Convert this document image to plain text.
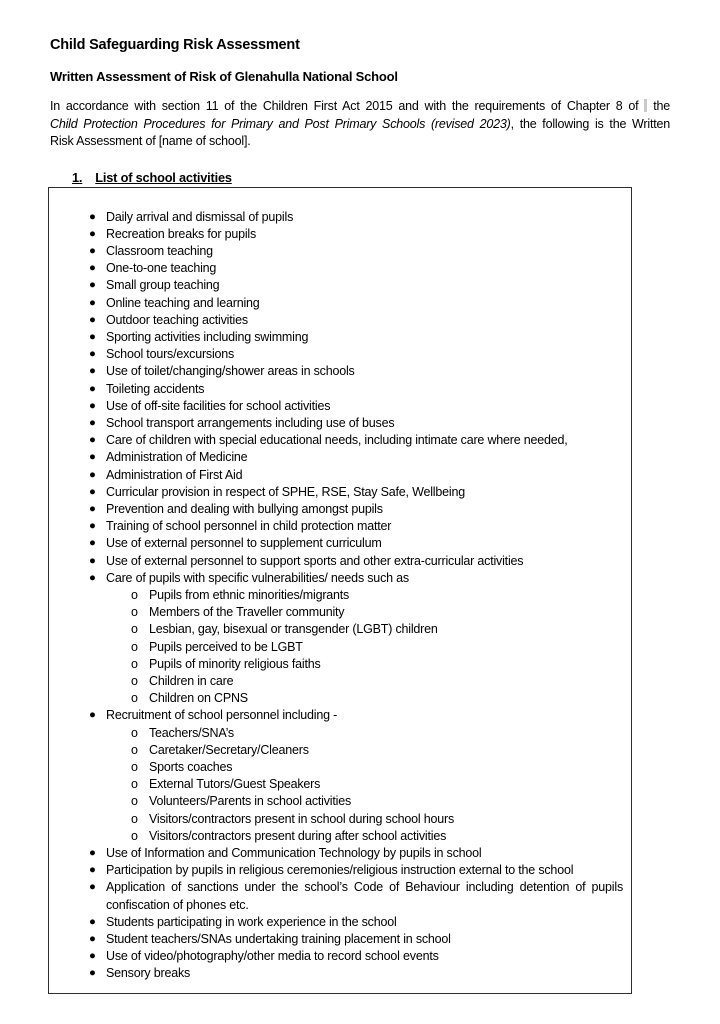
Child Safeguarding Risk Assessment
Written Assessment of Risk of Glenahulla National School
In accordance with section 11 of the Children First Act 2015 and with the requirements of Chapter 8 of  the
Child Protection Procedures for Primary and Post Primary Schools (revised 2023), the following is the Written
Risk Assessment of [name of school].
1. List of school activities
● Daily arrival and dismissal of pupils
● Recreation breaks for pupils
● Classroom teaching
● One-to-one teaching
● Small group teaching
● Online teaching and learning
● Outdoor teaching activities
● Sporting activities including swimming
● School tours/excursions
● Use of toilet/changing/shower areas in schools
● Toileting accidents
● Use of off-site facilities for school activities
● School transport arrangements including use of buses
● Care of children with special educational needs, including intimate care where needed,
● Administration of Medicine
● Administration of First Aid
● Curricular provision in respect of SPHE, RSE, Stay Safe, Wellbeing
● Prevention and dealing with bullying amongst pupils
● Training of school personnel in child protection matter
● Use of external personnel to supplement curriculum
● Use of external personnel to support sports and other extra-curricular activities
● Care of pupils with specific vulnerabilities/ needs such as
o Pupils from ethnic minorities/migrants
o Members of the Traveller community
o Lesbian, gay, bisexual or transgender (LGBT) children
o Pupils perceived to be LGBT
o Pupils of minority religious faiths
o Children in care
o Children on CPNS
● Recruitment of school personnel including -
o Teachers/SNA’s
o Caretaker/Secretary/Cleaners
o Sports coaches
o External Tutors/Guest Speakers
o Volunteers/Parents in school activities
o Visitors/contractors present in school during school hours
o Visitors/contractors present during after school activities
● Use of Information and Communication Technology by pupils in school
● Participation by pupils in religious ceremonies/religious instruction external to the school
● Application of sanctions under the school’s Code of Behaviour including detention of pupils
confiscation of phones etc.
● Students participating in work experience in the school
● Student teachers/SNAs undertaking training placement in school
● Use of video/photography/other media to record school events
● Sensory breaks
